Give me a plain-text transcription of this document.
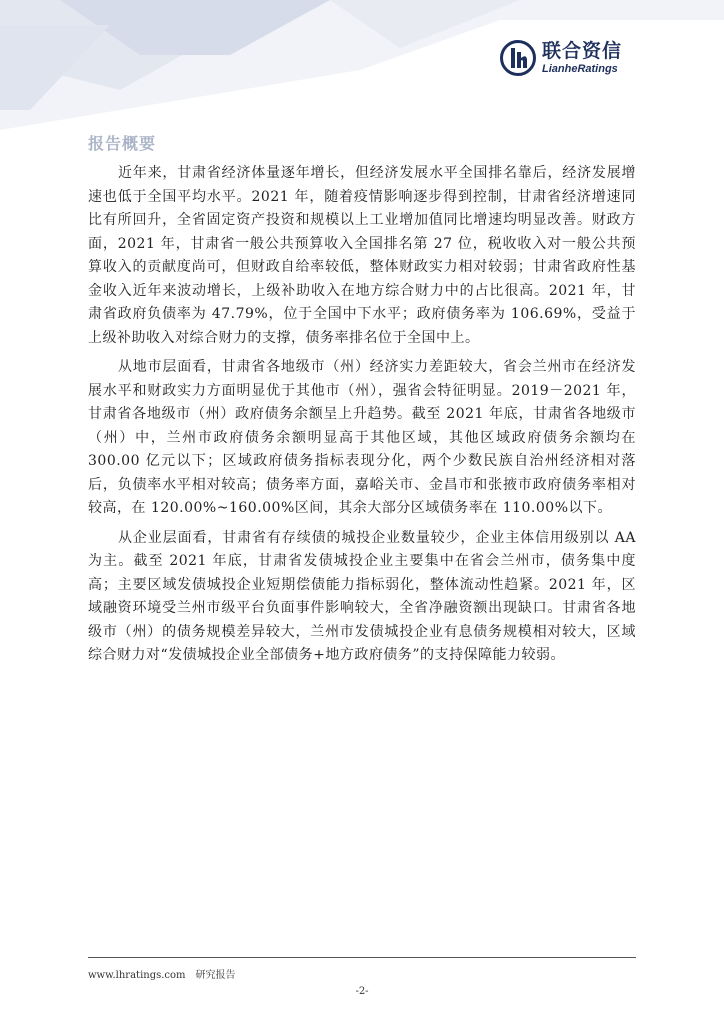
联合资信
LianheRatings
报告概要

近年来，甘肃省经济体量逐年增长，但经济发展水平全国排名靠后，经济发展增速也低于全国平均水平。2021 年，随着疫情影响逐步得到控制，甘肃省经济增速同比有所回升，全省固定资产投资和规模以上工业增加值同比增速均明显改善。财政方面，2021 年，甘肃省一般公共预算收入全国排名第 27 位，税收收入对一般公共预算收入的贡献度尚可，但财政自给率较低，整体财政实力相对较弱；甘肃省政府性基金收入近年来波动增长，上级补助收入在地方综合财力中的占比很高。2021 年，甘肃省政府负债率为 47.79%，位于全国中下水平；政府债务率为 106.69%，受益于上级补助收入对综合财力的支撑，债务率排名位于全国中上。

从地市层面看，甘肃省各地级市（州）经济实力差距较大，省会兰州市在经济发展水平和财政实力方面明显优于其他市（州），强省会特征明显。2019－2021 年，甘肃省各地级市（州）政府债务余额呈上升趋势。截至 2021 年底，甘肃省各地级市（州）中，兰州市政府债务余额明显高于其他区域，其他区域政府债务余额均在 300.00 亿元以下；区域政府债务指标表现分化，两个少数民族自治州经济相对落后，负债率水平相对较高；债务率方面，嘉峪关市、金昌市和张掖市政府债务率相对较高，在 120.00%~160.00%区间，其余大部分区域债务率在 110.00%以下。

从企业层面看，甘肃省有存续债的城投企业数量较少，企业主体信用级别以 AA 为主。截至 2021 年底，甘肃省发债城投企业主要集中在省会兰州市，债务集中度高；主要区域发债城投企业短期偿债能力指标弱化，整体流动性趋紧。2021 年，区域融资环境受兰州市级平台负面事件影响较大，全省净融资额出现缺口。甘肃省各地级市（州）的债务规模差异较大，兰州市发债城投企业有息债务规模相对较大，区域综合财力对“发债城投企业全部债务+地方政府债务”的支持保障能力较弱。

www.lhratings.com　研究报告
-2-
